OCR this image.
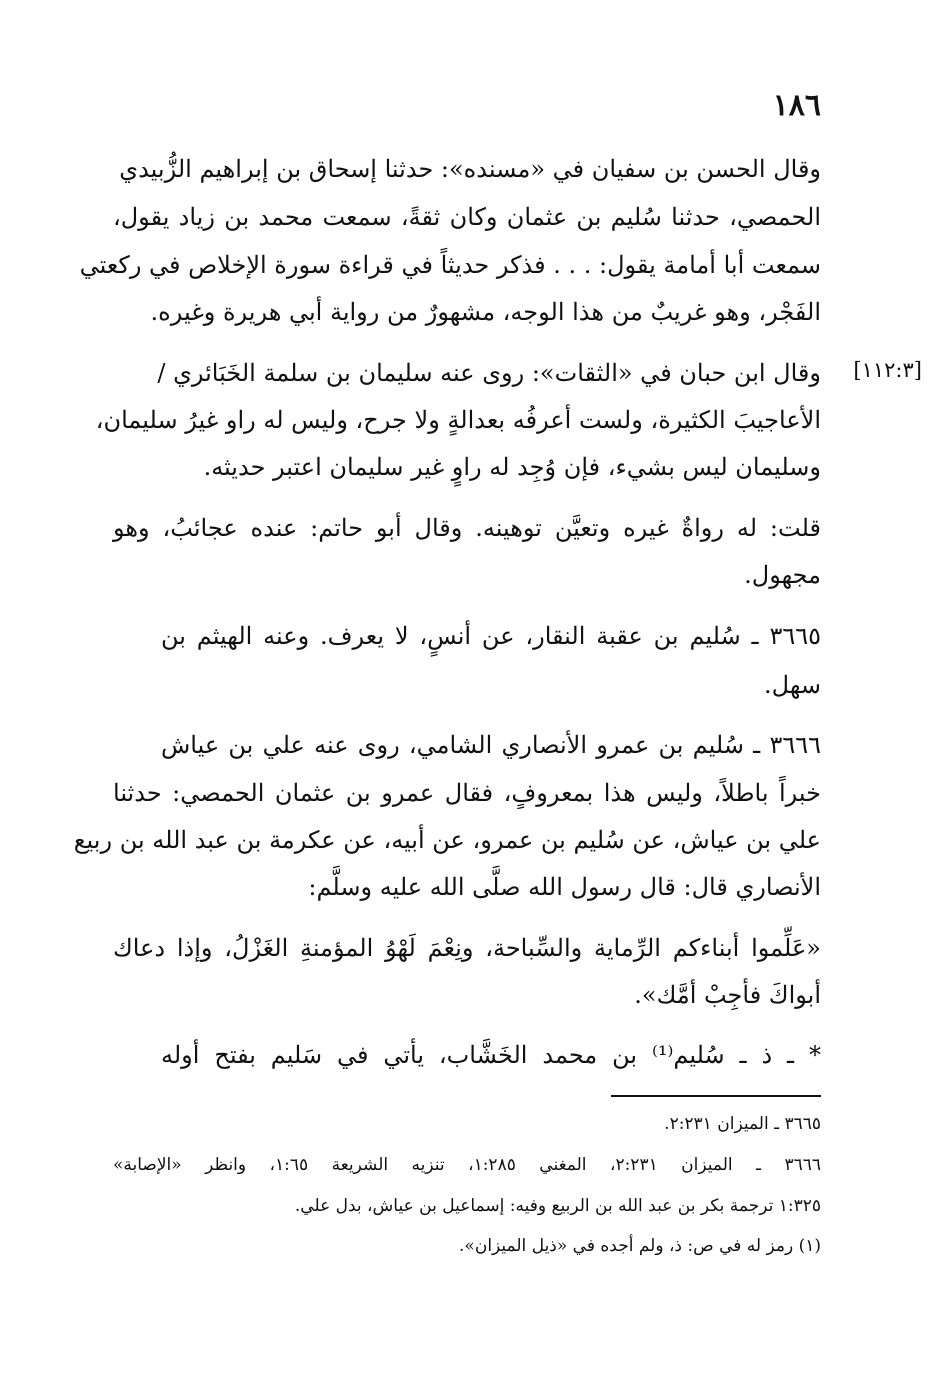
١٨٦
[١١٢:٣]
وقال الحسن بن سفيان في «مسنده»: حدثنا إسحاق بن إبراهيم الزُّبيدي
الحمصي، حدثنا سُليم بن عثمان وكان ثقةً، سمعت محمد بن زياد يقول،
سمعت أبا أمامة يقول: . . . فذكر حديثاً في قراءة سورة الإخلاص في ركعتي
الفَجْر، وهو غريبٌ من هذا الوجه، مشهورٌ من رواية أبي هريرة وغيره.
وقال ابن حبان في «الثقات»: روى عنه سليمان بن سلمة الخَبَائري /
الأعاجيبَ الكثيرة، ولست أعرفُه بعدالةٍ ولا جرح، وليس له راو غيرُ سليمان،
وسليمان ليس بشيء، فإن وُجِد له راوٍ غير سليمان اعتبر حديثه.
قلت: له رواةٌ غيره وتعيَّن توهينه. وقال أبو حاتم: عنده عجائبُ، وهو
مجهول.
٣٦٦٥ ـ سُليم بن عقبة النقار، عن أنسٍ، لا يعرف. وعنه الهيثم بن
سهل.
٣٦٦٦ ـ سُليم بن عمرو الأنصاري الشامي، روى عنه علي بن عياش
خبراً باطلاً، وليس هذا بمعروفٍ، فقال عمرو بن عثمان الحمصي: حدثنا
علي بن عياش، عن سُليم بن عمرو، عن أبيه، عن عكرمة بن عبد الله بن ربيع
الأنصاري قال: قال رسول الله صلَّى الله عليه وسلَّم:
«عَلِّموا أبناءكم الرِّماية والسِّباحة، ونِعْمَ لَهْوُ المؤمنةِ الغَزْلُ، وإذا دعاك
أبواكَ فأجِبْ أمَّك».
* ـ ذ ـ سُليم⁽¹⁾ بن محمد الخَشَّاب، يأتي في سَليم بفتح أوله
٣٦٦٥ ـ الميزان ٢:٢٣١.
٣٦٦٦ ـ الميزان ٢:٢٣١، المغني ١:٢٨٥، تنزيه الشريعة ١:٦٥، وانظر «الإصابة»
١:٣٢٥ ترجمة بكر بن عبد الله بن الربيع وفيه: إسماعيل بن عياش، بدل علي.
(١) رمز له في ص: ذ، ولم أجده في «ذيل الميزان».
